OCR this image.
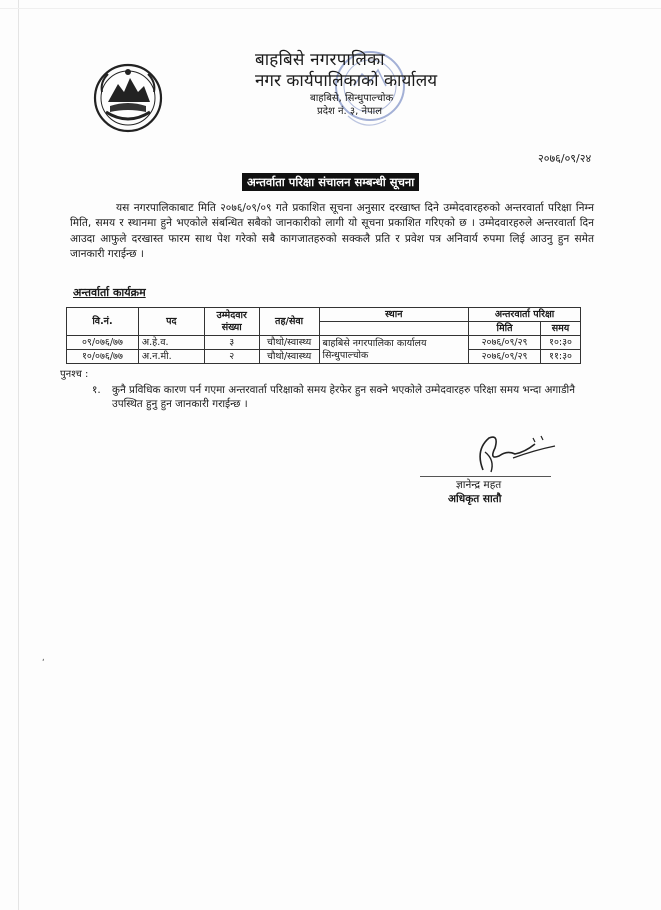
बाहबिसे नगरपालिका
नगर कार्यपालिकाको कार्यालय
बाहबिसे, सिन्धुपाल्चोक
प्रदेश नं. ३, नेपाल
२०७६/०९/२४
अन्तर्वाता परिक्षा संचालन सम्बन्धी सूचना
यस नगरपालिकाबाट मिति २०७६/०९/०९ गते प्रकाशित सूचना अनुसार दरखाष्त दिने उम्मेदवारहरुको अन्तरवार्ता परिक्षा निम्न मिति, समय र स्थानमा हुने भएकोले संबन्धित सबैको जानकारीको लागी यो सूचना प्रकाशित गरिएको छ । उम्मेदवारहरुले अन्तरवार्ता दिन आउदा आफुले दरखास्त फारम साथ पेश गरेको सबै कागजातहरुको सक्कलै प्रति र प्रवेश पत्र अनिवार्य रुपमा लिई आउनु हुन समेत जानकारी गराईन्छ ।
अन्तर्वार्ता कार्यक्रम
वि.नं.	पद	उम्मेदवार संख्या	तह/सेवा	स्थान	अन्तरवार्ता परिक्षा	
					मिति	समय
०९/०७६/७७	अ.हे.व.	३	चौथो/स्वास्थ्य	बाहबिसे नगरपालिका कार्यालय सिन्धुपाल्चोक	२०७६/०९/२९	१०:३०
१०/०७६/७७	अ.न.मी.	२	चौथो/स्वास्थ्य		२०७६/०९/२९	११:३०
पुनश्च :
१.	कुनै प्रविधिक कारण पर्न गएमा अन्तरवार्ता परिक्षाको समय हेरफेर हुन सक्ने भएकोले उम्मेदवारहरु परिक्षा समय भन्दा अगाडीनै उपस्थित हुनु हुन जानकारी गराईन्छ ।
ज्ञानेन्द्र महत
अधिकृत सातौ
ʹ
